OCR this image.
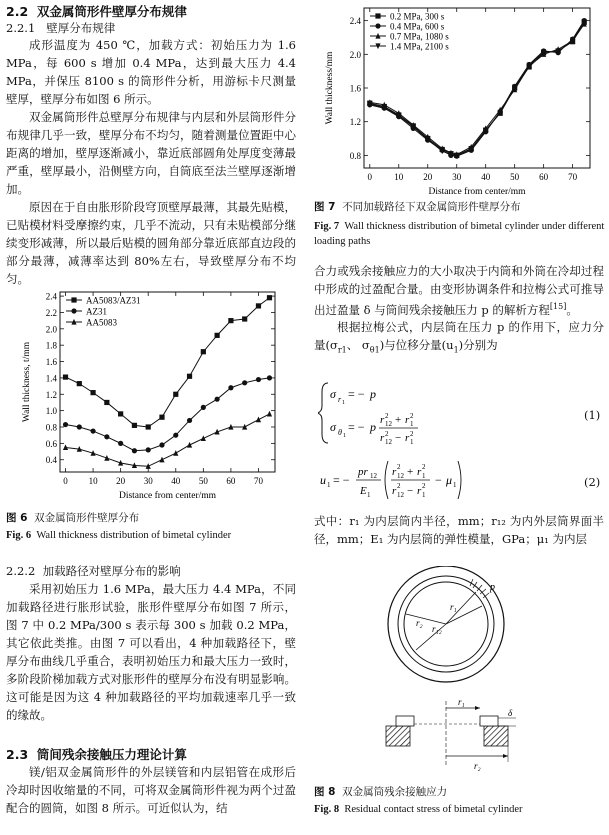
2.2 双金属筒形件壁厚分布规律
2.2.1 壁厚分布规律
成形温度为 450 ℃，加载方式：初始压力为 1.6 MPa，每 600 s 增加 0.4 MPa，达到最大压力 4.4 MPa，并保压 8100 s 的筒形件分析，用游标卡尺测量壁厚，壁厚分布如图 6 所示。
双金属筒形件总壁厚分布规律与内层和外层筒形件分布规律几乎一致，壁厚分布不均匀，随着测量位置距中心距离的增加，壁厚逐渐减小，靠近底部圆角处厚度变薄最严重，壁厚最小，沿侧壁方向，自筒底至法兰壁厚逐渐增加。
原因在于自由胀形阶段穹顶壁厚最薄，其最先贴模，已贴模材料受摩擦约束，几乎不流动，只有未贴模部分继续变形减薄，所以最后贴模的圆角部分靠近底部直边段的部分最薄，减薄率达到 80%左右，导致壁厚分布不均匀。
0 10 20 30 40 50 60 70
0.4
0.6
0.8
1.0
1.2
1.4
1.6
1.8
2.0
2.2
2.4
Distance from center/mm
Wall thickness, t/mm
AA5083/AZ31
AZ31
AA5083
图 6 双金属筒形件壁厚分布
Fig. 6 Wall thickness distribution of bimetal cylinder
2.2.2 加载路径对壁厚分布的影响
采用初始压力 1.6 MPa，最大压力 4.4 MPa，不同加载路径进行胀形试验，胀形件壁厚分布如图 7 所示，图 7 中 0.2 MPa/300 s 表示每 300 s 加载 0.2 MPa，其它依此类推。由图 7 可以看出，4 种加载路径下，壁厚分布曲线几乎重合，表明初始压力和最大压力一致时，多阶段阶梯加载方式对胀形件的壁厚分布没有明显影响。这可能是因为这 4 种加载路径的平均加载速率几乎一致的缘故。
2.3 筒间残余接触压力理论计算
镁/铝双金属筒形件的外层镁管和内层铝管在成形后冷却时因收缩量的不同，可将双金属筒形件视为两个过盈配合的圆筒，如图 8 所示。可近似认为，结
0 10 20 30 40 50 60 70
0.8
1.2
1.6
2.0
2.4
Distance from center/mm
Wall thickness/mm
0.2 MPa, 300 s
0.4 MPa, 600 s
0.7 MPa, 1080 s
1.4 MPa, 2100 s
图 7 不同加载路径下双金属筒形件壁厚分布
Fig. 7 Wall thickness distribution of bimetal cylinder under different loading paths
合力或残余接触应力的大小取决于内筒和外筒在冷却过程中形成的过盈配合量。由变形协调条件和拉梅公式可推导出过盈量 δ 与筒间残余接触压力 p 的解析方程[15]。
根据拉梅公式，内层筒在压力 p 的作用下，应力分量($\sigma_{r1}$、 $\sigma_{\theta 1}$)与位移分量$(u_1)$分别为
σ r 1
= − p
σ θ 1
= − p r 12
2 + r 1
2
r 12
2 − r 1
2
(1)
u 1 = −
pr 12
E 1
r 12
2 + r 1
2
r 12
2 − r 1
2 − μ 1	(2)
式中：r₁ 为内层筒内半径，mm；r₁₂ 为内外层筒界面半径，mm；E₁ 为内层筒的弹性模量，GPa；μ₁ 为内层
p
r₁
r₁₂
r₂
r₁
δ
r₂
图 8 双金属筒残余接触应力
Fig. 8 Residual contact stress of bimetal cylinder
